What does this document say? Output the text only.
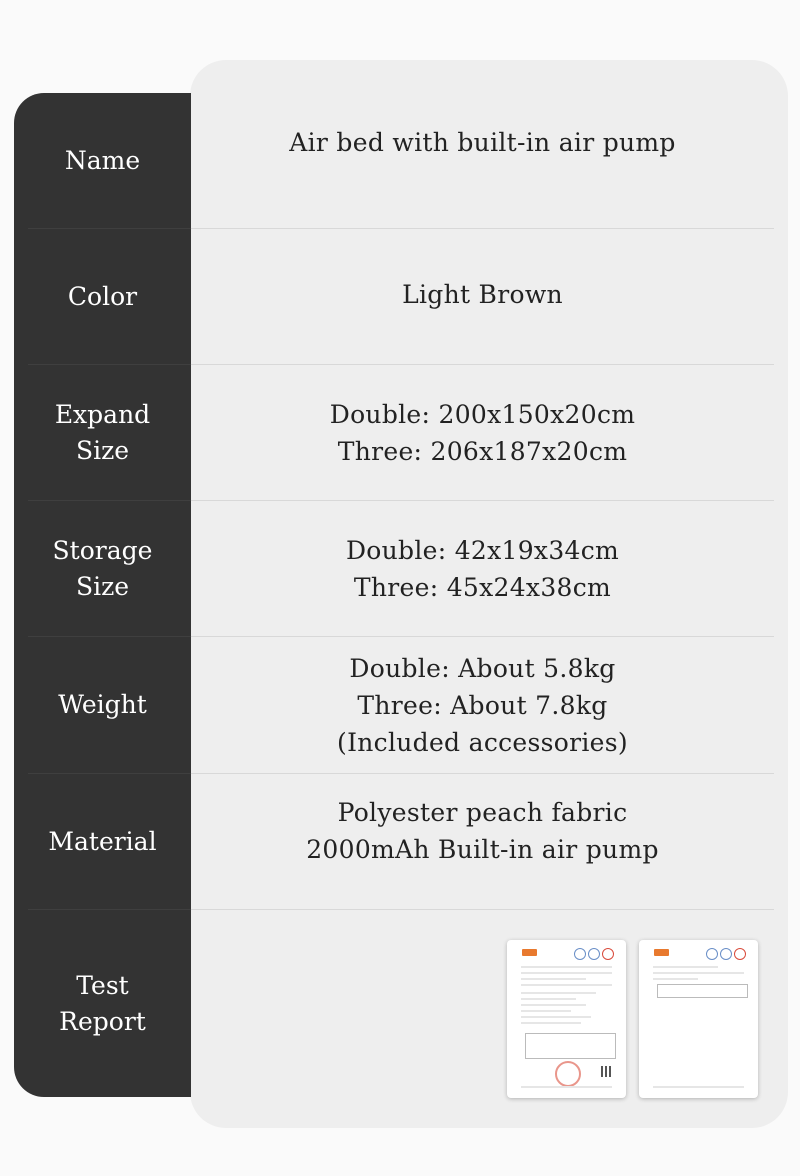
Name
Air bed with built-in air pump
Color	Light Brown
Expand Size
Double: 200x150x20cm
Three: 206x187x20cm
Storage Size
Double: 42x19x34cm
Three: 45x24x38cm
Weight
Double: About 5.8kg
Three: About 7.8kg
(Included accessories)
Material
Polyester peach fabric
2000mAh Built-in air pump
Test Report
